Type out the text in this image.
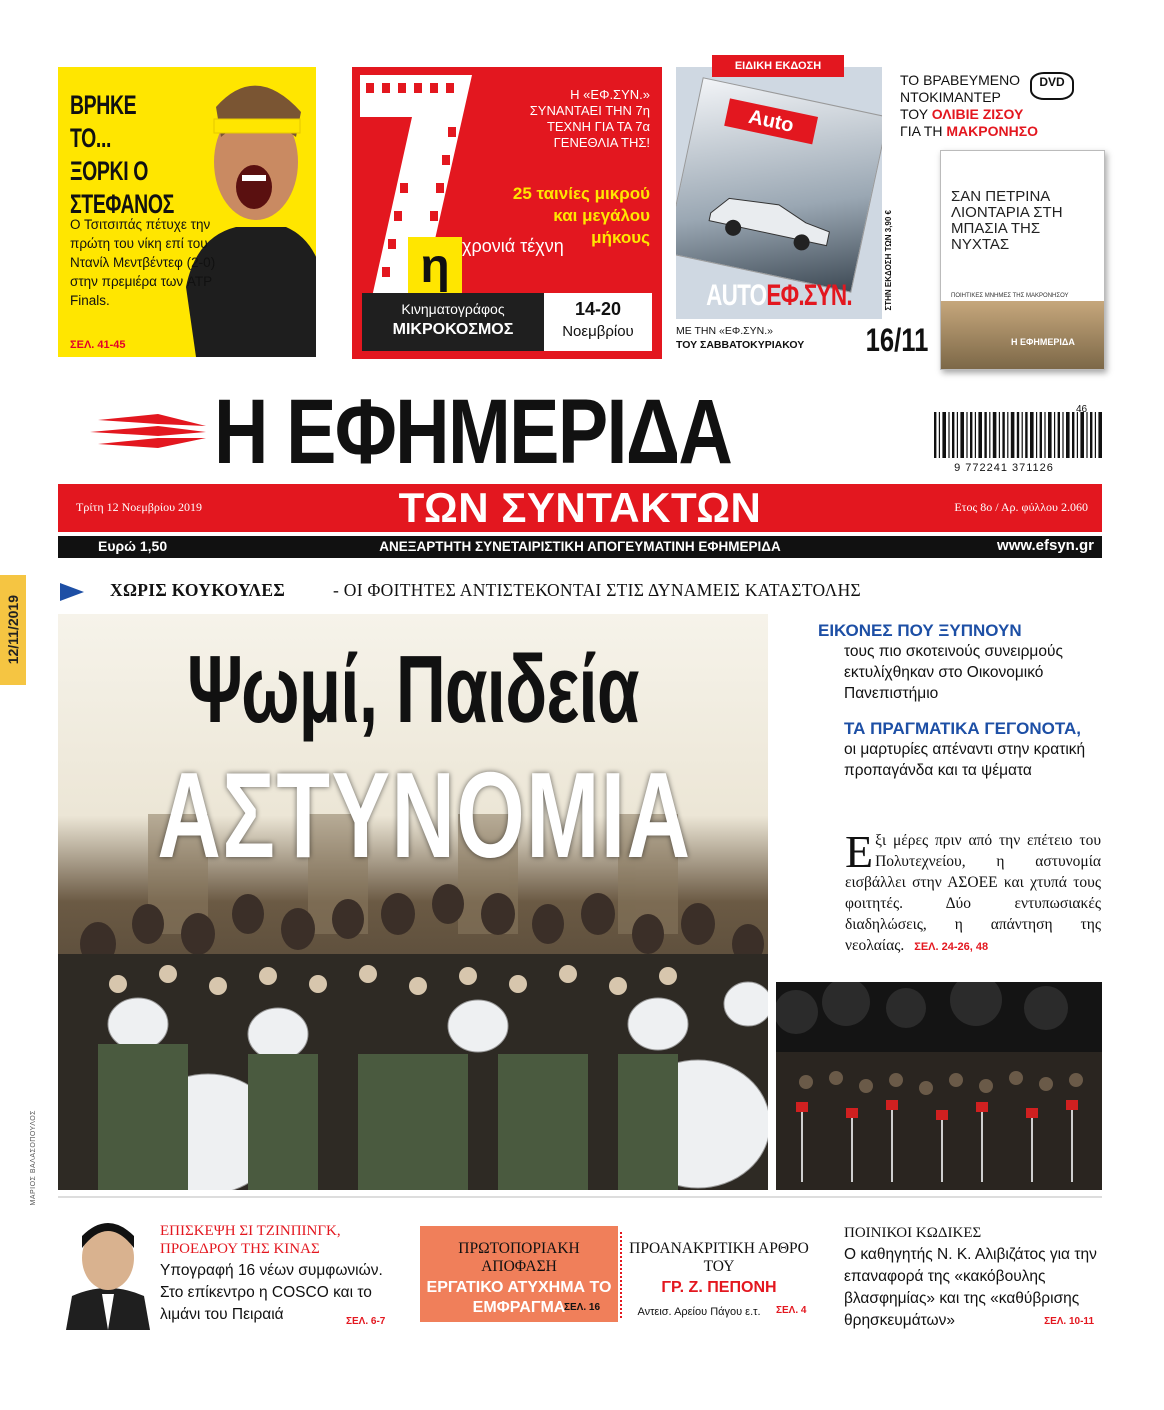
12/11/2019
ΜΑΡΙΟΣ ΒΑΛΑΣΟΠΟΥΛΟΣ
ΒΡΗΚΕ ΤΟ... ΞΟΡΚΙ Ο ΣΤΕΦΑΝΟΣ
Ο Τσιτσιπάς πέτυχε την πρώτη του νίκη επί του Ντανίλ Μεντβέντεφ (2-0) στην πρεμιέρα των ATP Finals.
ΣΕΛ. 41-45
η χρονιά τέχνη
Η «ΕΦ.ΣΥΝ.» ΣΥΝΑΝΤΑΕΙ ΤΗΝ 7η ΤΕΧΝΗ ΓΙΑ ΤΑ 7α ΓΕΝΕΘΛΙΑ ΤΗΣ!
25 ταινίες μικρού και μεγάλου μήκους
Κινηματογράφος
ΜΙΚΡΟΚΟΣΜΟΣ
14-20
Νοεμβρίου
ΕΙΔΙΚΗ ΕΚΔΟΣΗ
Auto
AUTOΕΦ.ΣΥΝ.
ΜΕ ΤΗΝ «ΕΦ.ΣΥΝ.»
ΤΟΥ ΣΑΒΒΑΤΟΚΥΡΙΑΚΟΥ 16/11
ΤΟ ΒΡΑΒΕΥΜΕΝΟ
ΝΤΟΚΙΜΑΝΤΕΡ
ΤΟΥ ΟΛΙΒΙΕ ΖΙΣΟΥ
ΓΙΑ ΤΗ ΜΑΚΡΟΝΗΣΟ
DVD
ΣΤΗΝ ΕΚΔΟΣΗ ΤΩΝ 3,90 €
ΣΑΝ ΠΕΤΡΙΝΑ ΛΙΟΝΤΑΡΙΑ ΣΤΗ ΜΠΑΣΙΑ ΤΗΣ ΝΥΧΤΑΣ
ΠΟΙΗΤΙΚΕΣ ΜΝΗΜΕΣ ΤΗΣ ΜΑΚΡΟΝΗΣΟΥ
Η ΕΦΗΜΕΡΙΔΑ
Η ΕΦΗΜΕΡΙΔΑ	9 772241 371126
46
Τρίτη 12 Νοεμβρίου 2019	ΤΩΝ ΣΥΝΤΑΚΤΩΝ	Ετος 8ο / Αρ. φύλλου 2.060
Ευρώ 1,50	ΑΝΕΞΑΡΤΗΤΗ ΣΥΝΕΤΑΙΡΙΣΤΙΚΗ ΑΠΟΓΕΥΜΑΤΙΝΗ ΕΦΗΜΕΡΙΔΑ	www.efsyn.gr
ΧΩΡΙΣ ΚΟΥΚΟΥΛΕΣ	- ΟΙ ΦΟΙΤΗΤΕΣ ΑΝΤΙΣΤΕΚΟΝΤΑΙ ΣΤΙΣ ΔΥΝΑΜΕΙΣ ΚΑΤΑΣΤΟΛΗΣ
Ψωμί, Παιδεία
ΑΣΤΥΝΟΜΙΑ
ΕΙΚΟΝΕΣ ΠΟΥ ΞΥΠΝΟΥΝ
τους πιο σκοτεινούς συνειρμούς εκτυλίχθηκαν στο Οικονομικό Πανεπιστήμιο
ΤΑ ΠΡΑΓΜΑΤΙΚΑ ΓΕΓΟΝΟΤΑ,
οι μαρτυρίες απέναντι στην κρατική προπαγάνδα και τα ψέματα
Εξι μέρες πριν από την επέτειο του Πολυτεχνείου, η αστυνομία εισβάλλει στην ΑΣΟΕΕ και χτυπά τους φοιτητές. Δύο εντυπωσιακές διαδηλώσεις, η απάντηση της νεολαίας. ΣΕΛ. 24-26, 48
ΕΠΙΣΚΕΨΗ ΣΙ ΤΖΙΝΠΙΝΓΚ, ΠΡΟΕΔΡΟΥ ΤΗΣ ΚΙΝΑΣ
Υπογραφή 16 νέων συμφωνιών. Στο επίκεντρο η COSCO και το λιμάνι του Πειραιά	ΣΕΛ. 6-7
ΠΡΩΤΟΠΟΡΙΑΚΗ ΑΠΟΦΑΣΗ
ΕΡΓΑΤΙΚΟ ΑΤΥΧΗΜΑ ΤΟ ΕΜΦΡΑΓΜΑ
ΣΕΛ. 16
ΠΡΟΑΝΑΚΡΙΤΙΚΗ ΑΡΘΡΟ ΤΟΥ
ΓΡ. Ζ. ΠΕΠΟΝΗ
Αντεισ. Αρείου Πάγου ε.τ.	ΣΕΛ. 4
ΠΟΙΝΙΚΟΙ ΚΩΔΙΚΕΣ
Ο καθηγητής Ν. Κ. Αλιβιζάτος για την επαναφορά της «κακόβουλης βλασφημίας» και της «καθύβρισης θρησκευμάτων»	ΣΕΛ. 10-11
